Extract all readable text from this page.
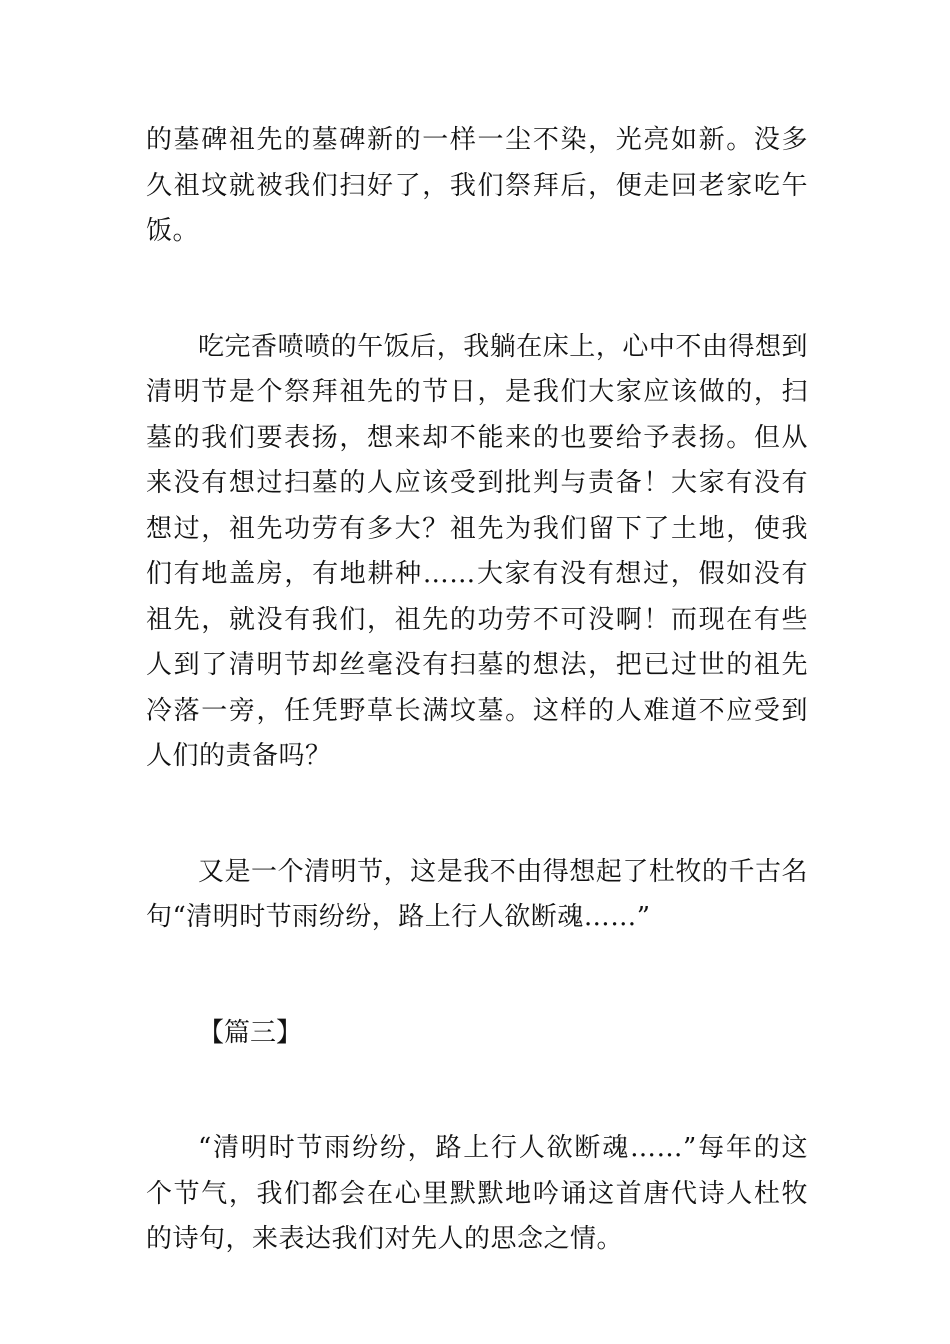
的墓碑祖先的墓碑新的一样一尘不染，光亮如新。没多久祖坟就被我们扫好了，我们祭拜后，便走回老家吃午饭。

吃完香喷喷的午饭后，我躺在床上，心中不由得想到清明节是个祭拜祖先的节日，是我们大家应该做的，扫墓的我们要表扬，想来却不能来的也要给予表扬。但从来没有想过扫墓的人应该受到批判与责备！大家有没有想过，祖先功劳有多大？祖先为我们留下了土地，使我们有地盖房，有地耕种……大家有没有想过，假如没有祖先，就没有我们，祖先的功劳不可没啊！而现在有些人到了清明节却丝毫没有扫墓的想法，把已过世的祖先冷落一旁，任凭野草长满坟墓。这样的人难道不应受到人们的责备吗？

又是一个清明节，这是我不由得想起了杜牧的千古名句“清明时节雨纷纷，路上行人欲断魂……”

【篇三】

“清明时节雨纷纷，路上行人欲断魂……”每年的这个节气，我们都会在心里默默地吟诵这首唐代诗人杜牧的诗句，来表达我们对先人的思念之情。
